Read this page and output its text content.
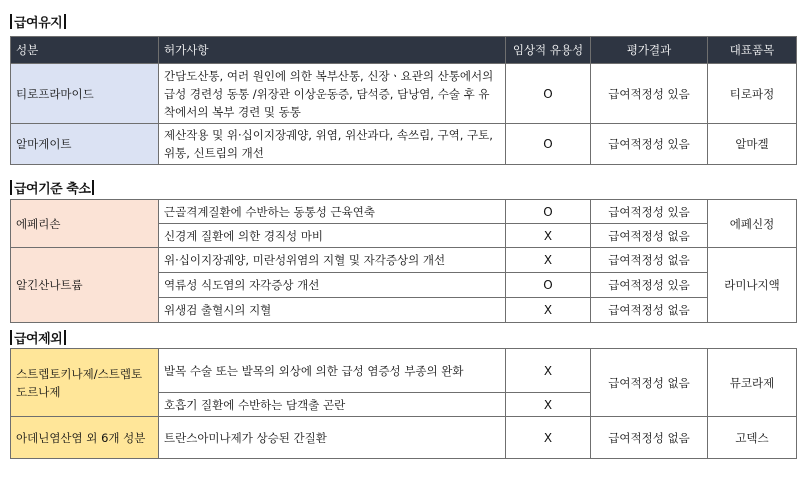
급여유지
성분	허가사항	임상적 유용성	평가결과	대표품목
티로프라마이드	간담도산통, 여러 원인에 의한 복부산통, 신장ㆍ요관의 산통에서의 급성 경련성 동통 /위장관 이상운동증, 담석증, 담낭염, 수술 후 유착에서의 복부 경련 및 동통	O	급여적정성 있음	티로파정
알마게이트	제산작용 및 위·십이지장궤양, 위염, 위산과다, 속쓰림, 구역, 구토, 위통, 신트림의 개선	O	급여적정성 있음	알마겔
급여기준 축소
에페리손	근골격계질환에 수반하는 동통성 근육연축	O	급여적정성 있음	에페신정
	신경계 질환에 의한 경직성 마비	X	급여적정성 없음	
알긴산나트륨	위·십이지장궤양, 미란성위염의 지혈 및 자각증상의 개선	X	급여적정성 없음	라미나지액
	역류성 식도염의 자각증상 개선	O	급여적정성 있음	
	위생검 출혈시의 지혈	X	급여적정성 없음	
급여제외
스트렙토키나제/스트렙토도르나제	발목 수술 또는 발목의 외상에 의한 급성 염증성 부종의 완화	X	급여적정성 없음	뮤코라제
	호흡기 질환에 수반하는 담객출 곤란	X		
아데닌염산염 외 6개 성분	트란스아미나제가 상승된 간질환	X	급여적정성 없음	고덱스
